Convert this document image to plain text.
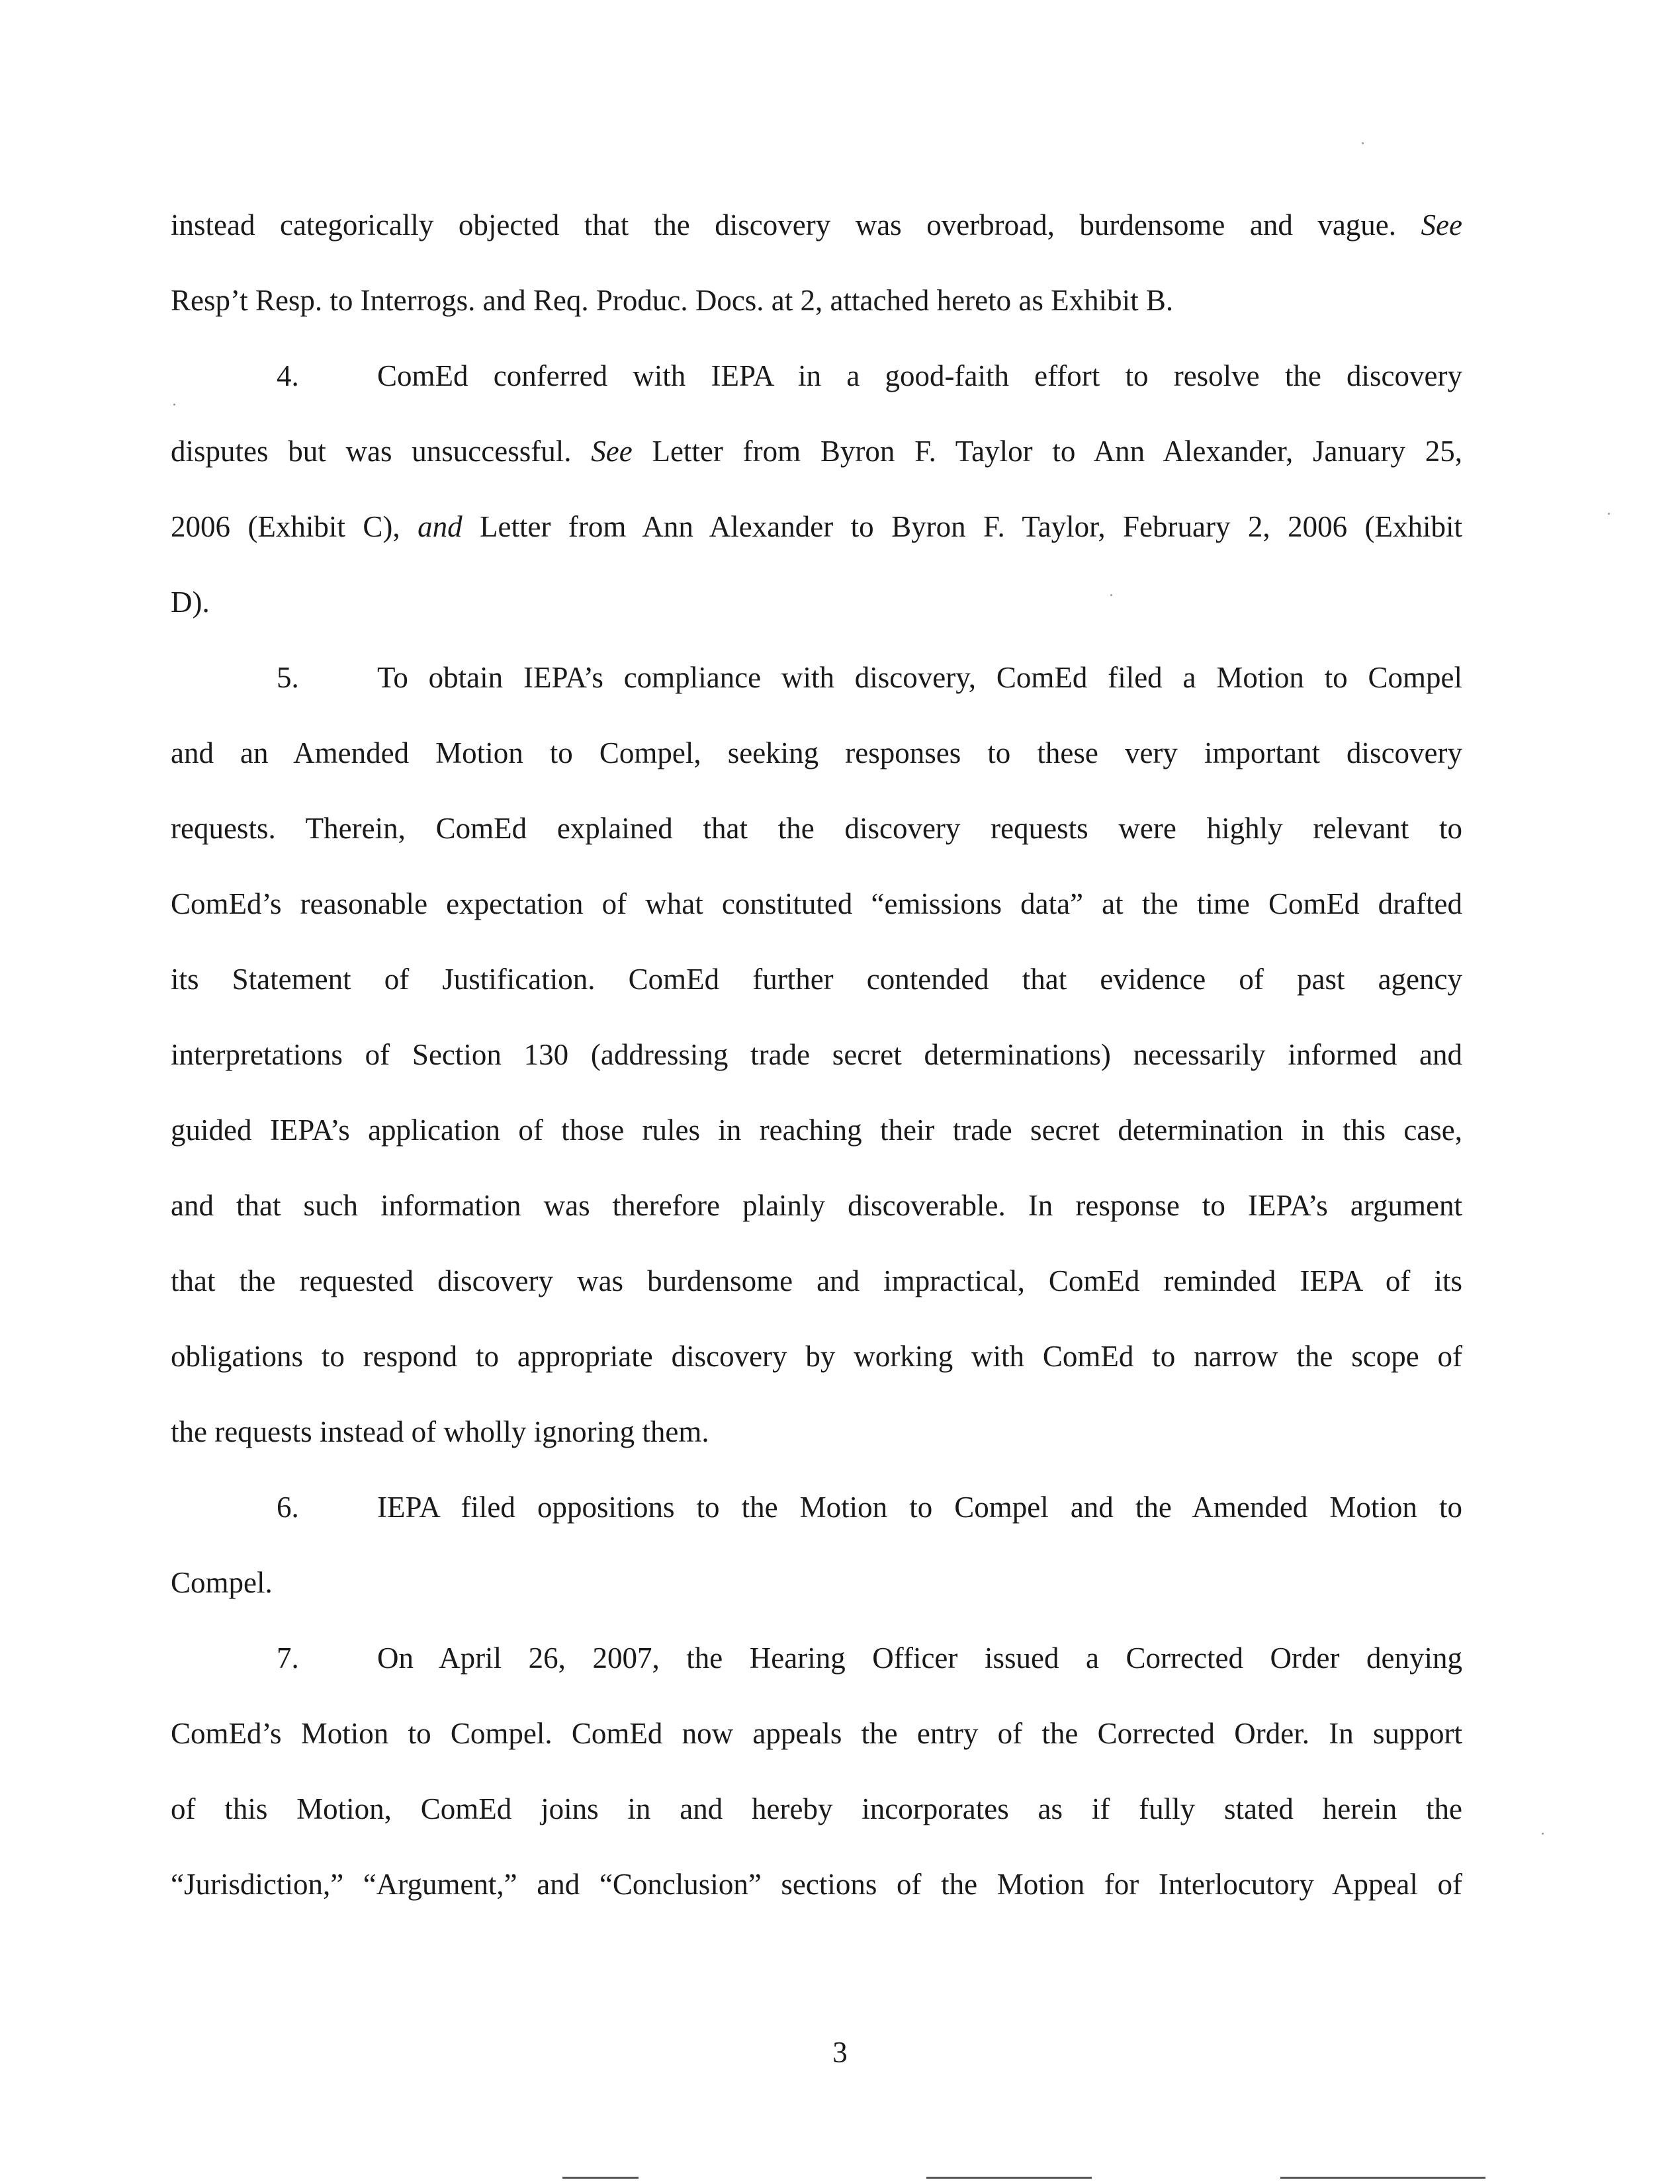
instead categorically objected that the discovery was overbroad, burdensome and vague. See
Resp’t Resp. to Interrogs. and Req. Produc. Docs. at 2, attached hereto as Exhibit B.
4.	ComEd conferred with IEPA in a good-faith effort to resolve the discovery
disputes but was unsuccessful. See Letter from Byron F. Taylor to Ann Alexander, January 25,
2006 (Exhibit C), and Letter from Ann Alexander to Byron F. Taylor, February 2, 2006 (Exhibit
D).
5.	To obtain IEPA’s compliance with discovery, ComEd filed a Motion to Compel
and an Amended Motion to Compel, seeking responses to these very important discovery
requests. Therein, ComEd explained that the discovery requests were highly relevant to
ComEd’s reasonable expectation of what constituted “emissions data” at the time ComEd drafted
its Statement of Justification. ComEd further contended that evidence of past agency
interpretations of Section 130 (addressing trade secret determinations) necessarily informed and
guided IEPA’s application of those rules in reaching their trade secret determination in this case,
and that such information was therefore plainly discoverable. In response to IEPA’s argument
that the requested discovery was burdensome and impractical, ComEd reminded IEPA of its
obligations to respond to appropriate discovery by working with ComEd to narrow the scope of
the requests instead of wholly ignoring them.
6.	IEPA filed oppositions to the Motion to Compel and the Amended Motion to
Compel.
7.	On April 26, 2007, the Hearing Officer issued a Corrected Order denying
ComEd’s Motion to Compel. ComEd now appeals the entry of the Corrected Order. In support
of this Motion, ComEd joins in and hereby incorporates as if fully stated herein the
“Jurisdiction,” “Argument,” and “Conclusion” sections of the Motion for Interlocutory Appeal of
3
